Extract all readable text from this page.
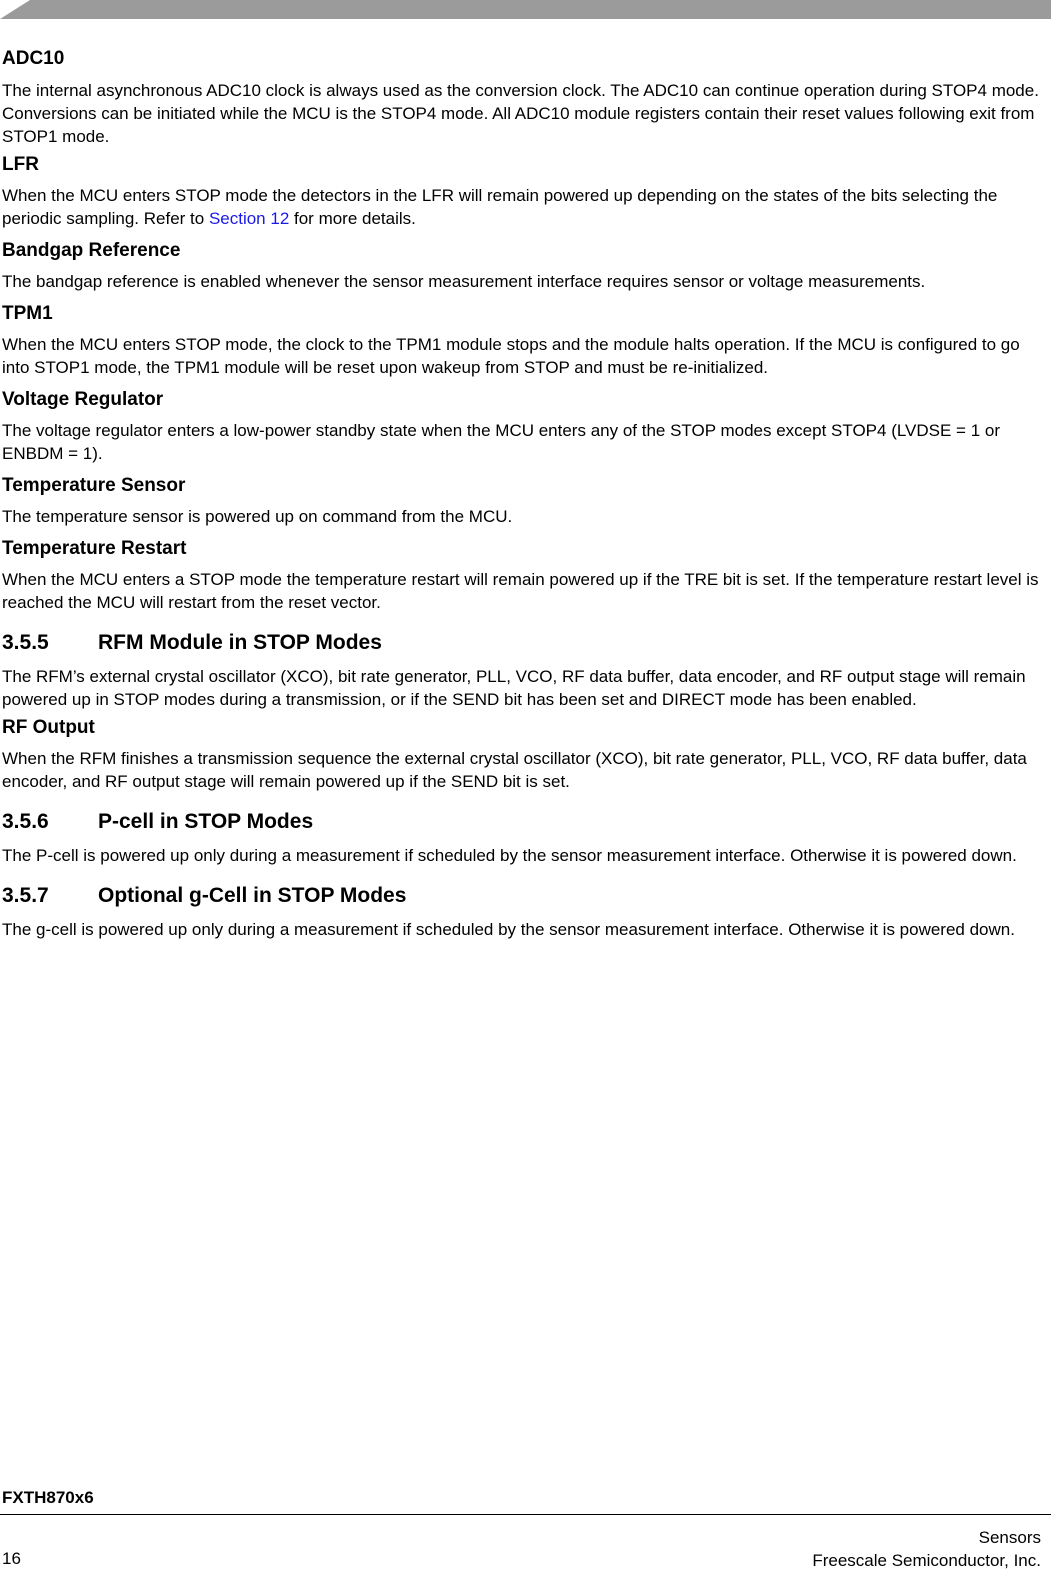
ADC10

The internal asynchronous ADC10 clock is always used as the conversion clock. The ADC10 can continue operation during STOP4 mode. Conversions can be initiated while the MCU is the STOP4 mode. All ADC10 module registers contain their reset values following exit from STOP1 mode.

LFR

When the MCU enters STOP mode the detectors in the LFR will remain powered up depending on the states of the bits selecting the periodic sampling. Refer to Section 12 for more details.

Bandgap Reference

The bandgap reference is enabled whenever the sensor measurement interface requires sensor or voltage measurements.

TPM1

When the MCU enters STOP mode, the clock to the TPM1 module stops and the module halts operation. If the MCU is configured to go into STOP1 mode, the TPM1 module will be reset upon wakeup from STOP and must be re-initialized.

Voltage Regulator

The voltage regulator enters a low-power standby state when the MCU enters any of the STOP modes except STOP4 (LVDSE = 1 or ENBDM = 1).

Temperature Sensor

The temperature sensor is powered up on command from the MCU.

Temperature Restart

When the MCU enters a STOP mode the temperature restart will remain powered up if the TRE bit is set. If the temperature restart level is reached the MCU will restart from the reset vector.

3.5.5	RFM Module in STOP Modes

The RFM’s external crystal oscillator (XCO), bit rate generator, PLL, VCO, RF data buffer, data encoder, and RF output stage will remain powered up in STOP modes during a transmission, or if the SEND bit has been set and DIRECT mode has been enabled.

RF Output

When the RFM finishes a transmission sequence the external crystal oscillator (XCO), bit rate generator, PLL, VCO, RF data buffer, data encoder, and RF output stage will remain powered up if the SEND bit is set.

3.5.6	P-cell in STOP Modes

The P-cell is powered up only during a measurement if scheduled by the sensor measurement interface. Otherwise it is powered down.

3.5.7	Optional g-Cell in STOP Modes

The g-cell is powered up only during a measurement if scheduled by the sensor measurement interface. Otherwise it is powered down.

FXTH870x6
16
Sensors
Freescale Semiconductor, Inc.
